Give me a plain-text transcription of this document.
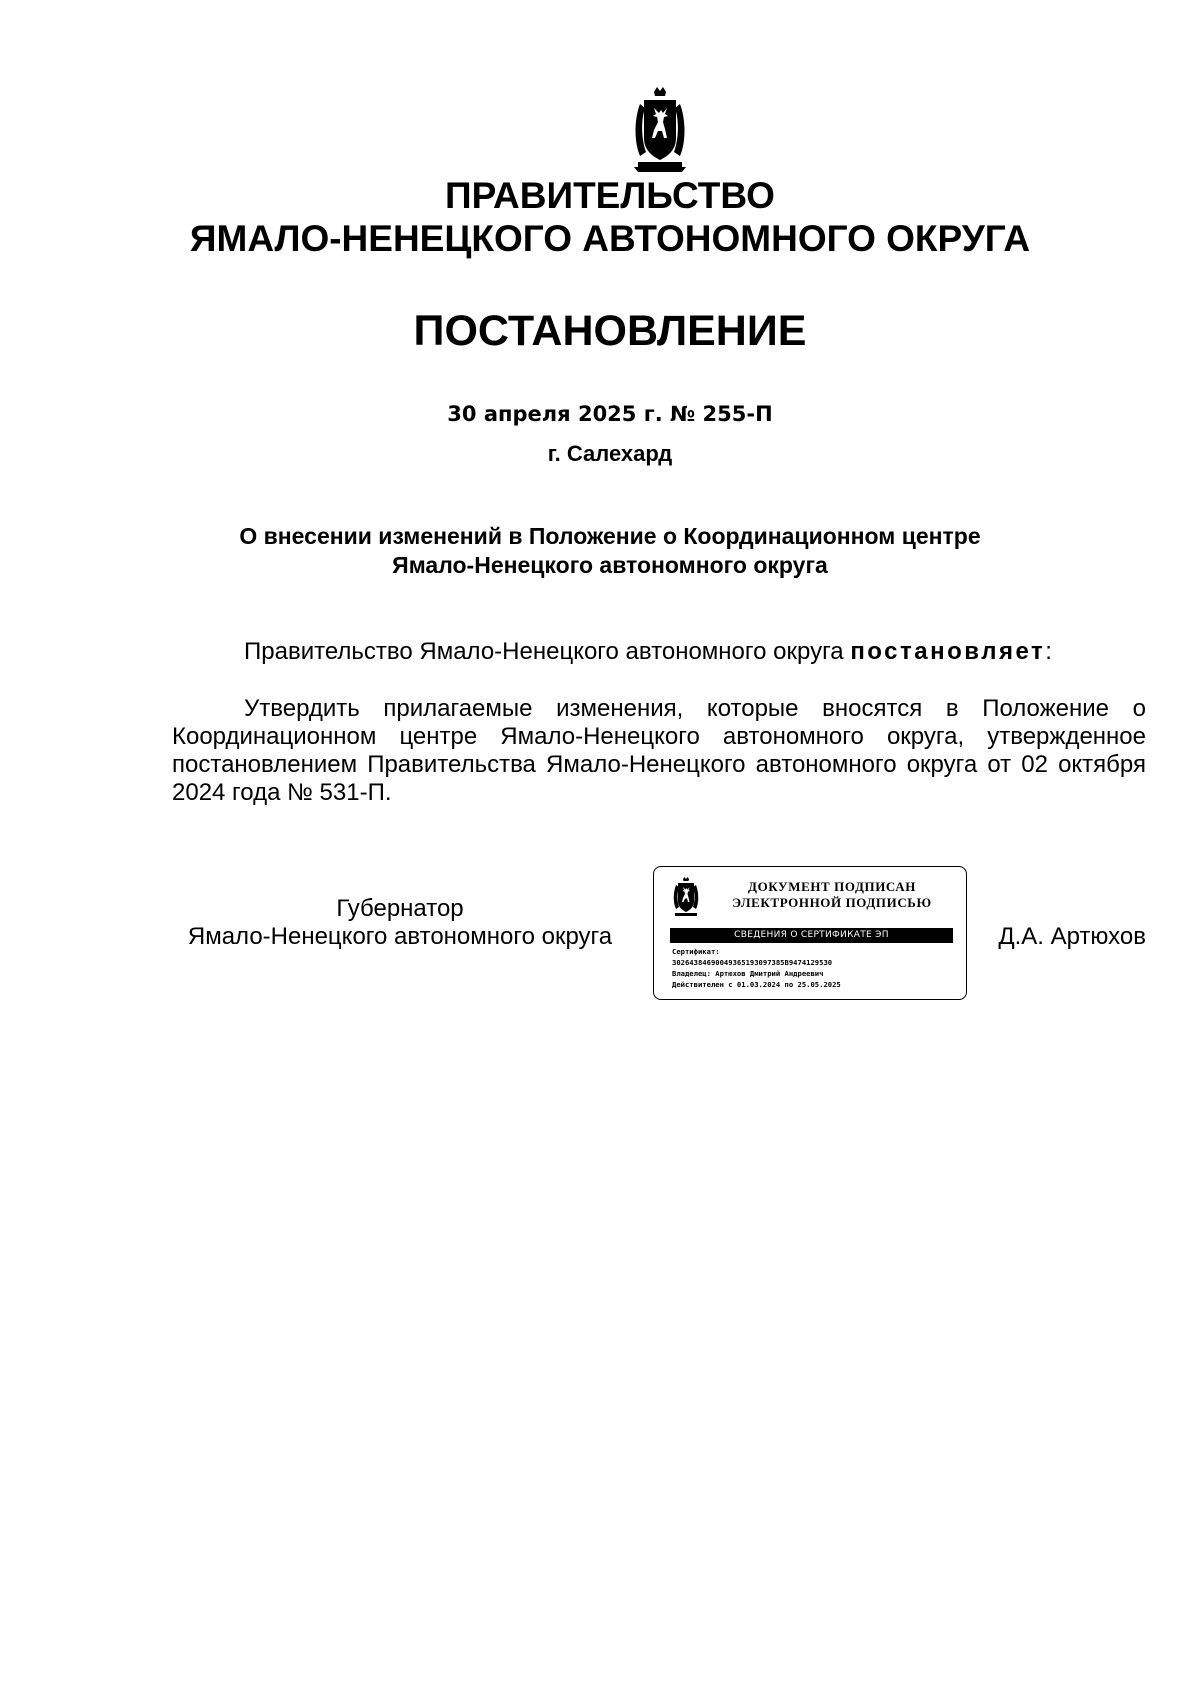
ПРАВИТЕЛЬСТВО
ЯМАЛО-НЕНЕЦКОГО АВТОНОМНОГО ОКРУГА
ПОСТАНОВЛЕНИЕ
30 апреля 2025 г. № 255-П
г. Салехард
О внесении изменений в Положение о Координационном центре
Ямало-Ненецкого автономного округа

Правительство Ямало-Ненецкого автономного округа постановляет:

Утвердить прилагаемые изменения, которые вносятся в Положение о Координационном центре Ямало-Ненецкого автономного округа, утвержденное постановлением Правительства Ямало-Ненецкого автономного округа от 02 октября 2024 года № 531-П.

Губернатор
Ямало-Ненецкого автономного округа
ДОКУМЕНТ ПОДПИСАН
ЭЛЕКТРОННОЙ ПОДПИСЬЮ
СВЕДЕНИЯ О СЕРТИФИКАТЕ ЭП
Сертификат:
30264384690049365193097385B9474129530
Владелец: Артюхов Дмитрий Андреевич
Действителен с 01.03.2024 по 25.05.2025
Д.А. Артюхов
